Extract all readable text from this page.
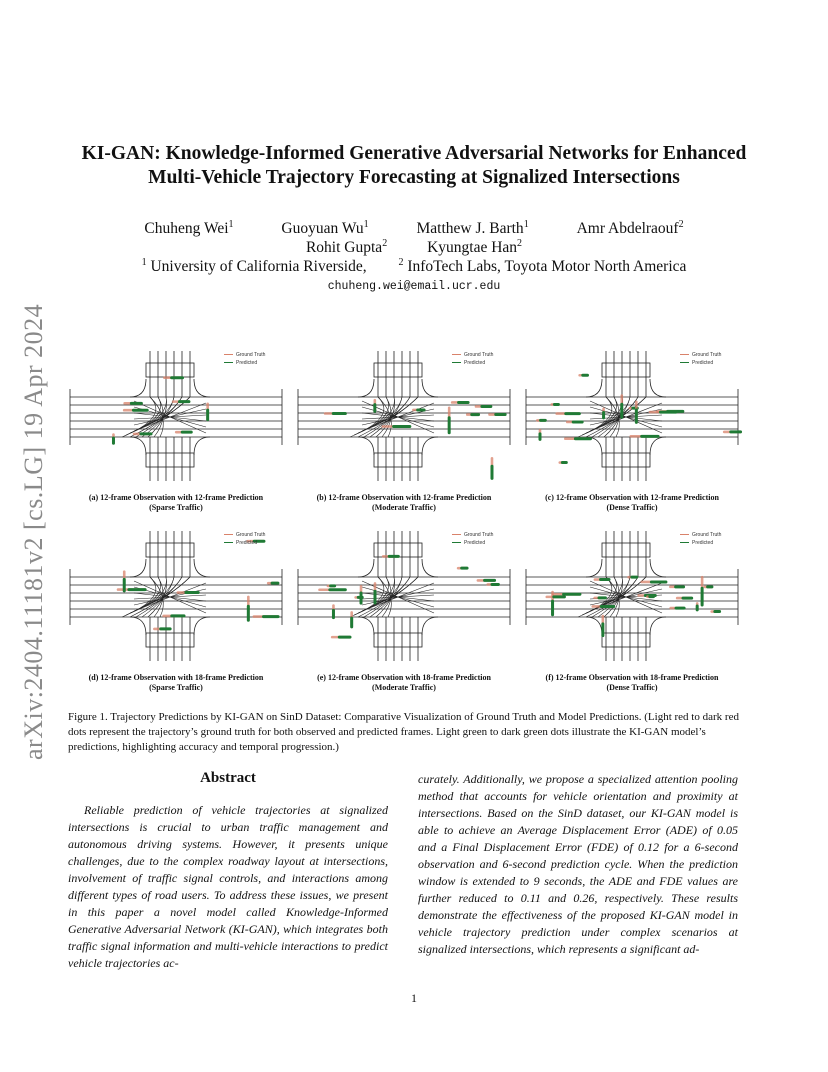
arXiv:2404.11181v2 [cs.LG] 19 Apr 2024
KI-GAN: Knowledge-Informed Generative Adversarial Networks for Enhanced
Multi-Vehicle Trajectory Forecasting at Signalized Intersections
Chuheng Wei$^1$	Guoyuan Wu$^1$	Matthew J. Barth$^1$	Amr Abdelraouf$^2$
Rohit Gupta$^2$	Kyungtae Han$^2$
$^1$ University of California Riverside,	$^2$ InfoTech Labs, Toyota Motor North America
chuheng.wei@email.ucr.edu
Ground Truth
Predicted
(a) 12-frame Observation with 12-frame Prediction
(Sparse Traffic)
Ground Truth
Predicted
(b) 12-frame Observation with 12-frame Prediction
(Moderate Traffic)
Ground Truth
Predicted
(c) 12-frame Observation with 12-frame Prediction
(Dense Traffic)
Ground Truth
Predicted
(d) 12-frame Observation with 18-frame Prediction
(Sparse Traffic)
Ground Truth
Predicted
(e) 12-frame Observation with 18-frame Prediction
(Moderate Traffic)
Ground Truth
Predicted
(f) 12-frame Observation with 18-frame Prediction
(Dense Traffic)
Figure 1. Trajectory Predictions by KI-GAN on SinD Dataset: Comparative Visualization of Ground Truth and Model Predictions. (Light red to dark red dots represent the trajectory’s ground truth for both observed and predicted frames. Light green to dark green dots illustrate the KI-GAN model’s predictions, highlighting accuracy and temporal progression.)
Abstract

Reliable prediction of vehicle trajectories at signalized intersections is crucial to urban traffic management and autonomous driving systems. However, it presents unique challenges, due to the complex roadway layout at intersections, involvement of traffic signal controls, and interactions among different types of road users. To address these issues, we present in this paper a novel model called Knowledge-Informed Generative Adversarial Network (KI-GAN), which integrates both traffic signal information and multi-vehicle interactions to predict vehicle trajectories ac-

curately. Additionally, we propose a specialized attention pooling method that accounts for vehicle orientation and proximity at intersections. Based on the SinD dataset, our KI-GAN model is able to achieve an Average Displacement Error (ADE) of 0.05 and a Final Displacement Error (FDE) of 0.12 for a 6-second observation and 6-second prediction cycle. When the prediction window is extended to 9 seconds, the ADE and FDE values are further reduced to 0.11 and 0.26, respectively. These results demonstrate the effectiveness of the proposed KI-GAN model in vehicle trajectory prediction under complex scenarios at signalized intersections, which represents a significant ad-

1
